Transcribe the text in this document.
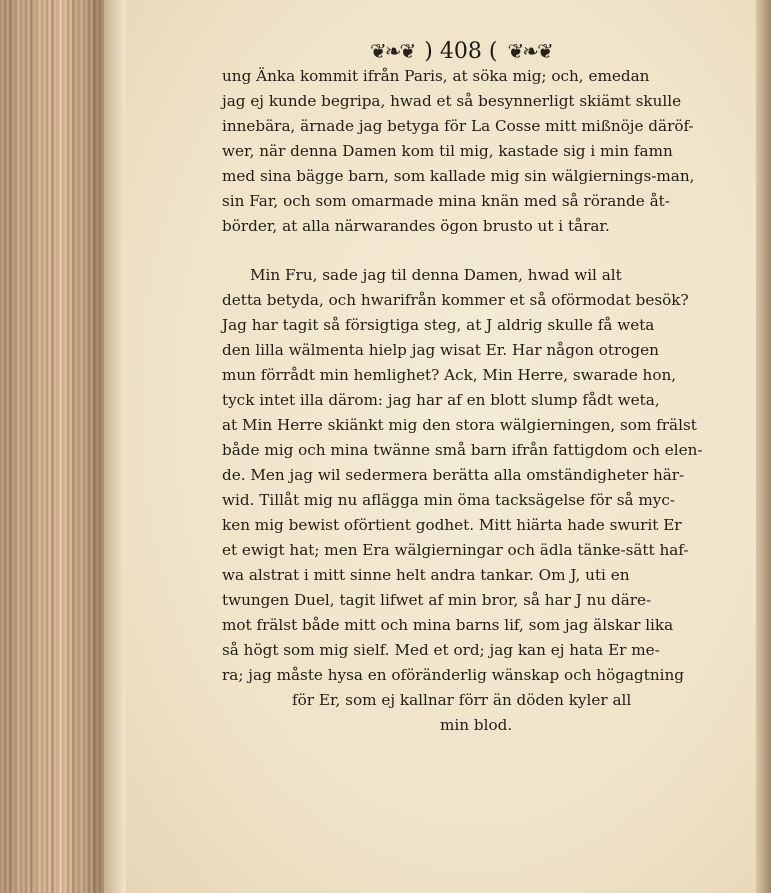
❦❧❦ ) 408 ( ❦❧❦
ung Änka kommit ifrån Paris, at söka mig; och, emedan
jag ej kunde begripa, hwad et så besynnerligt skiämt skulle
innebära, ärnade jag betyga för La Cosse mitt mißnöje däröf-
wer, när denna Damen kom til mig, kastade sig i min famn
med sina bägge barn, som kallade mig sin wälgiernings-man,
sin Far, och som omarmade mina knän med så rörande åt-
börder, at alla närwarandes ögon brusto ut i tårar.
Min Fru, sade jag til denna Damen, hwad wil alt
detta betyda, och hwarifrån kommer et så oförmodat besök?
Jag har tagit så försigtiga steg, at J aldrig skulle få weta
den lilla wälmenta hielp jag wisat Er. Har någon otrogen
mun förrådt min hemlighet? Ack, Min Herre, swarade hon,
tyck intet illa därom: jag har af en blott slump fådt weta,
at Min Herre skiänkt mig den stora wälgierningen, som frälst
både mig och mina twänne små barn ifrån fattigdom och elen-
de. Men jag wil sedermera berätta alla omständigheter här-
wid. Tillåt mig nu aflägga min öma tacksägelse för så myc-
ken mig bewist oförtient godhet. Mitt hiärta hade swurit Er
et ewigt hat; men Era wälgierningar och ädla tänke-sätt haf-
wa alstrat i mitt sinne helt andra tankar. Om J, uti en
twungen Duel, tagit lifwet af min bror, så har J nu däre-
mot frälst både mitt och mina barns lif, som jag älskar lika
så högt som mig sielf. Med et ord; jag kan ej hata Er me-
ra; jag måste hysa en oföränderlig wänskap och högagtning
för Er, som ej kallnar förr än döden kyler all
min blod.
